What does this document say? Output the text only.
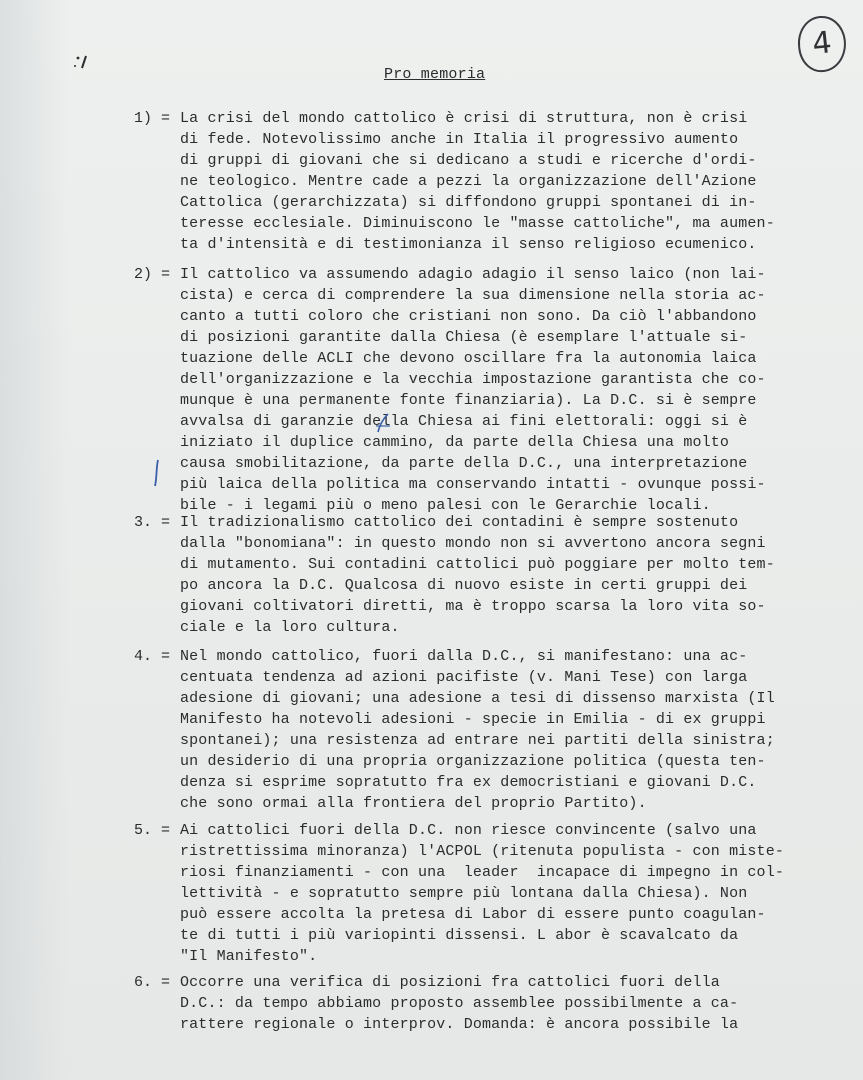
4
Pro memoria
1) = La crisi del mondo cattolico è crisi di struttura, non è crisi
di fede. Notevolissimo anche in Italia il progressivo aumento
di gruppi di giovani che si dedicano a studi e ricerche d'ordi-
ne teologico. Mentre cade a pezzi la organizzazione dell'Azione
Cattolica (gerarchizzata) si diffondono gruppi spontanei di in-
teresse ecclesiale. Diminuiscono le "masse cattoliche", ma aumen-
ta d'intensità e di testimonianza il senso religioso ecumenico.
2) = Il cattolico va assumendo adagio adagio il senso laico (non lai-
cista) e cerca di comprendere la sua dimensione nella storia ac-
canto a tutti coloro che cristiani non sono. Da ciò l'abbandono
di posizioni garantite dalla Chiesa (è esemplare l'attuale si-
tuazione delle ACLI che devono oscillare fra la autonomia laica
dell'organizzazione e la vecchia impostazione garantista che co-
munque è una permanente fonte finanziaria). La D.C. si è sempre
avvalsa di garanzie della Chiesa ai fini elettorali: oggi si è
iniziato il duplice cammino, da parte della Chiesa una molto
causa smobilitazione, da parte della D.C., una interpretazione
più laica della politica ma conservando intatti - ovunque possi-
bile - i legami più o meno palesi con le Gerarchie locali.
3. = Il tradizionalismo cattolico dei contadini è sempre sostenuto
dalla "bonomiana": in questo mondo non si avvertono ancora segni
di mutamento. Sui contadini cattolici può poggiare per molto tem-
po ancora la D.C. Qualcosa di nuovo esiste in certi gruppi dei
giovani coltivatori diretti, ma è troppo scarsa la loro vita so-
ciale e la loro cultura.
4. = Nel mondo cattolico, fuori dalla D.C., si manifestano: una ac-
centuata tendenza ad azioni pacifiste (v. Mani Tese) con larga
adesione di giovani; una adesione a tesi di dissenso marxista (Il
Manifesto ha notevoli adesioni - specie in Emilia - di ex gruppi
spontanei); una resistenza ad entrare nei partiti della sinistra;
un desiderio di una propria organizzazione politica (questa ten-
denza si esprime sopratutto fra ex democristiani e giovani D.C.
che sono ormai alla frontiera del proprio Partito).
5. = Ai cattolici fuori della D.C. non riesce convincente (salvo una
ristrettissima minoranza) l'ACPOL (ritenuta populista - con miste-
riosi finanziamenti - con una  leader  incapace di impegno in col-
lettività - e sopratutto sempre più lontana dalla Chiesa). Non
può essere accolta la pretesa di Labor di essere punto coagulan-
te di tutti i più variopinti dissensi. L abor è scavalcato da
"Il Manifesto".
6. = Occorre una verifica di posizioni fra cattolici fuori della
D.C.: da tempo abbiamo proposto assemblee possibilmente a ca-
rattere regionale o interprov. Domanda: è ancora possibile la
